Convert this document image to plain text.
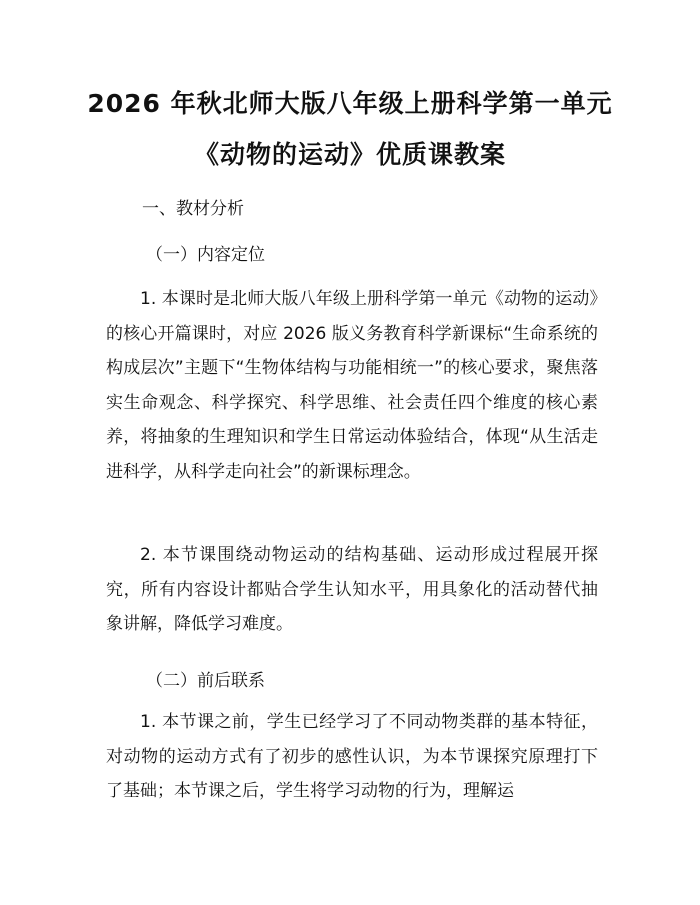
2026 年秋北师大版八年级上册科学第一单元
《动物的运动》优质课教案
一、教材分析
（一）内容定位

1. 本课时是北师大版八年级上册科学第一单元《动物的运动》的核心开篇课时，对应 2026 版义务教育科学新课标“生命系统的构成层次”主题下“生物体结构与功能相统一”的核心要求，聚焦落实生命观念、科学探究、科学思维、社会责任四个维度的核心素养，将抽象的生理知识和学生日常运动体验结合，体现“从生活走进科学，从科学走向社会”的新课标理念。

2. 本节课围绕动物运动的结构基础、运动形成过程展开探究，所有内容设计都贴合学生认知水平，用具象化的活动替代抽象讲解，降低学习难度。

（二）前后联系

1. 本节课之前，学生已经学习了不同动物类群的基本特征，对动物的运动方式有了初步的感性认识，为本节课探究原理打下了基础；本节课之后，学生将学习动物的行为，理解运
